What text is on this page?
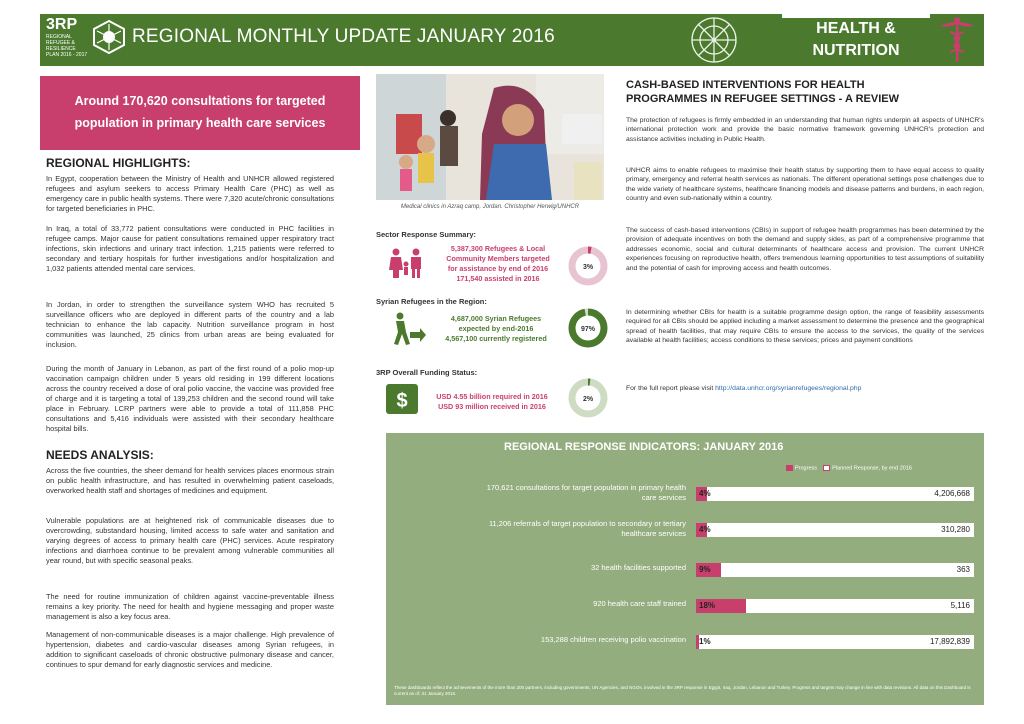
3RP
REGIONAL REFUGEE & RESILIENCE PLAN 2016 - 2017
REGIONAL MONTHLY UPDATE JANUARY 2016	HEALTH &
NUTRITION
Around 170,620 consultations for targeted population in primary health care services
REGIONAL HIGHLIGHTS:
In Egypt, cooperation between the Ministry of Health and UNHCR allowed registered refugees and asylum seekers to access Primary Health Care (PHC) as well as emergency care in public health systems. There were 7,320 acute/chronic consultations for targeted beneficiaries in PHC.
In Iraq, a total of 33,772 patient consultations were conducted in PHC facilities in refugee camps. Major cause for patient consultations remained upper respiratory tract infections, skin infections and urinary tract infection. 1,215 patients were referred to secondary and tertiary hospitals for further investigations and/or hospitalization and 1,032 patients attended mental care services.
In Jordan, in order to strengthen the surveillance system WHO has recruited 5 surveillance officers who are deployed in different parts of the country and a lab technician to enhance the lab capacity. Nutrition surveillance program in host communities was launched, 25 clinics from urban areas are being evaluated for inclusion.
During the month of January in Lebanon, as part of the first round of a polio mop-up vaccination campaign children under 5 years old residing in 199 different locations across the country received a dose of oral polio vaccine, the vaccine was provided free of charge and it is targeting a total of 139,253 children and the second round will take place in February. LCRP partners were able to provide a total of 111,858 PHC consultations and 5,416 individuals were assisted with their secondary healthcare hospital bills.
NEEDS ANALYSIS:
Across the five countries, the sheer demand for health services places enormous strain on public health infrastructure, and has resulted in overwhelming patient caseloads, overworked health staff and shortages of medicines and equipment.
Vulnerable populations are at heightened risk of communicable diseases due to overcrowding, substandard housing, limited access to safe water and sanitation and varying degrees of access to primary health care (PHC) services. Acute respiratory infections and diarrhoea continue to be prevalent among vulnerable communities all year round, but with specific seasonal peaks.
The need for routine immunization of children against vaccine-preventable illness remains a key priority. The need for health and hygiene messaging and proper waste management is also a key focus area.
Management of non-communicable diseases is a major challenge. High prevalence of hypertension, diabetes and cardio-vascular diseases among Syrian refugees, in addition to significant caseloads of chronic obstructive pulmonary disease and cancer, continues to spur demand for early diagnostic services and medicine.
Medical clinics in Azraq camp, Jordan. Christopher Herwig/UNHCR
Sector Response Summary:
5,387,300 Refugees & Local
Community Members targeted
for assistance by end of 2016
171,540 assisted in 2016
3%
Syrian Refugees in the Region:
4,687,000 Syrian Refugees
expected by end-2016
4,567,100 currently registered
97%
3RP Overall Funding Status:
$	USD 4.55 billion required in 2016
USD 93 million received in 2016
2%
CASH-BASED INTERVENTIONS FOR HEALTH
PROGRAMMES IN REFUGEE SETTINGS - A REVIEW
The protection of refugees is firmly embedded in an understanding that human rights underpin all aspects of UNHCR's international protection work and provide the basic normative framework governing UNHCR's protection and assistance activities including in Public Health.
UNHCR aims to enable refugees to maximise their health status by supporting them to have equal access to quality primary, emergency and referral health services as nationals. The different operational settings pose challenges due to the wide variety of healthcare systems, healthcare financing models and disease patterns and burdens, in each region, country and even sub-nationally within a country.
The success of cash-based interventions (CBIs) in support of refugee health programmes has been determined by the provision of adequate incentives on both the demand and supply sides, as part of a comprehensive programme that addresses economic, social and cultural determinants of healthcare access and provision. The current UNHCR experiences focusing on reproductive health, offers tremendous learning opportunities to test assumptions of suitability and the potential of cash for improving access and health outcomes.
In determining whether CBIs for health is a suitable programme design option, the range of feasibility assessments required for all CBIs should be applied including a market assessment to determine the presence and the geographical spread of health facilities, that may require CBIs to ensure the access to the services, the quality of the services available at health facilities; access conditions to these services; prices and payment conditions
For the full report please visit http://data.unhcr.org/syrianrefugees/regional.php
REGIONAL RESPONSE INDICATORS: JANUARY 2016
Progress	Planned Response, by end 2016
170,621 consultations for target population in primary health
care services 4%	4,206,668
11,206 referrals of target population to secondary or tertiary
healthcare services 4%	310,280
32 health facilities supported 9%	363
920 health care staff trained 18%	5,116
153,288 children receiving polio vaccination 1%	17,892,839
These dashboards reflect the achievements of the more than 200 partners, including governments, UN Agencies, and NGOs, involved in the 3RP response in Egypt, Iraq, Jordan, Lebanon and Turkey. Progress and targets may change in line with data revisions. All data on this Dashboard is current as of: 31 January 2016.
